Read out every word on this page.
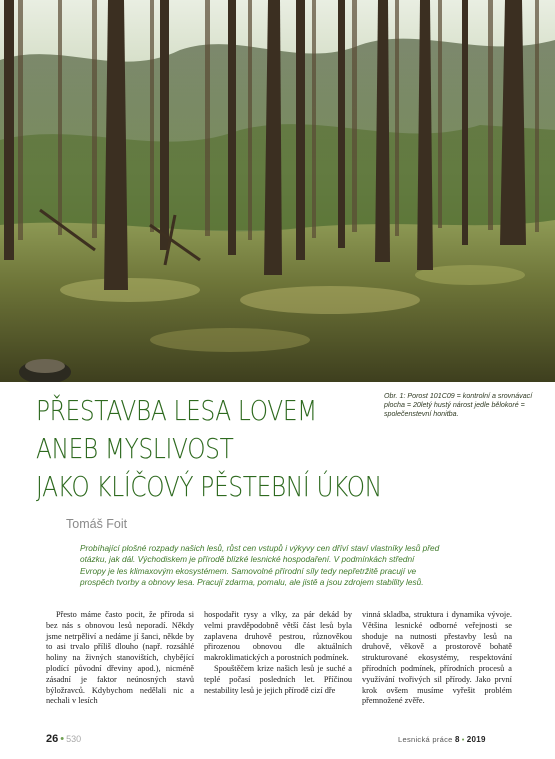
Obr. 1: Porost 101C09 = kontrolní a srovnávací plocha = 20letý hustý nárost jedle bělokoré = společenstevní honitba.
PŘESTAVBA LESA LOVEM
ANEB MYSLIVOST
JAKO KLÍČOVÝ PĚSTEBNÍ ÚKON
Tomáš Foit
Probíhající plošné rozpady našich lesů, růst cen vstupů i výkyvy cen dříví staví vlastníky lesů před otázku, jak dál. Východiskem je přírodě blízké lesnické hospodaření. V podmínkách střední Evropy je les klimaxovým ekosystémem. Samovolné přírodní síly tedy nepřetržitě pracují ve prospěch tvorby a obnovy lesa. Pracují zdarma, pomalu, ale jistě a jsou zdrojem stability lesů.

Přesto máme často pocit, že příroda si bez nás s obnovou lesů neporadí. Někdy jsme netrpěliví a nedáme jí šanci, někde by to asi trvalo příliš dlouho (např. rozsáhlé holiny na živných stanovištích, chybějící plodící původní dřeviny apod.), nicméně zásadní je faktor neúnosných stavů býložravců. Kdybychom nedělali nic a nechali v lesích

hospodařit rysy a vlky, za pár dekád by velmi pravděpodobně větší část lesů byla zaplavena druhově pestrou, různověkou přirozenou obnovou dle aktuálních makroklimatických a porostních podmínek.

Spouštěčem krize našich lesů je suché a teplé počasí posledních let. Příčinou nestability lesů je jejich přírodě cizí dře

vinná skladba, struktura i dynamika vývoje. Většina lesnické odborné veřejnosti se shoduje na nutnosti přestavby lesů na druhově, věkově a prostorově bohatě strukturované ekosystémy, respektování přírodních podmínek, přírodních procesů a využívání tvořivých sil přírody. Jako první krok ovšem musíme vyřešit problém přemnožené zvěře.

26 • 530	Lesnická práce 8 • 2019
